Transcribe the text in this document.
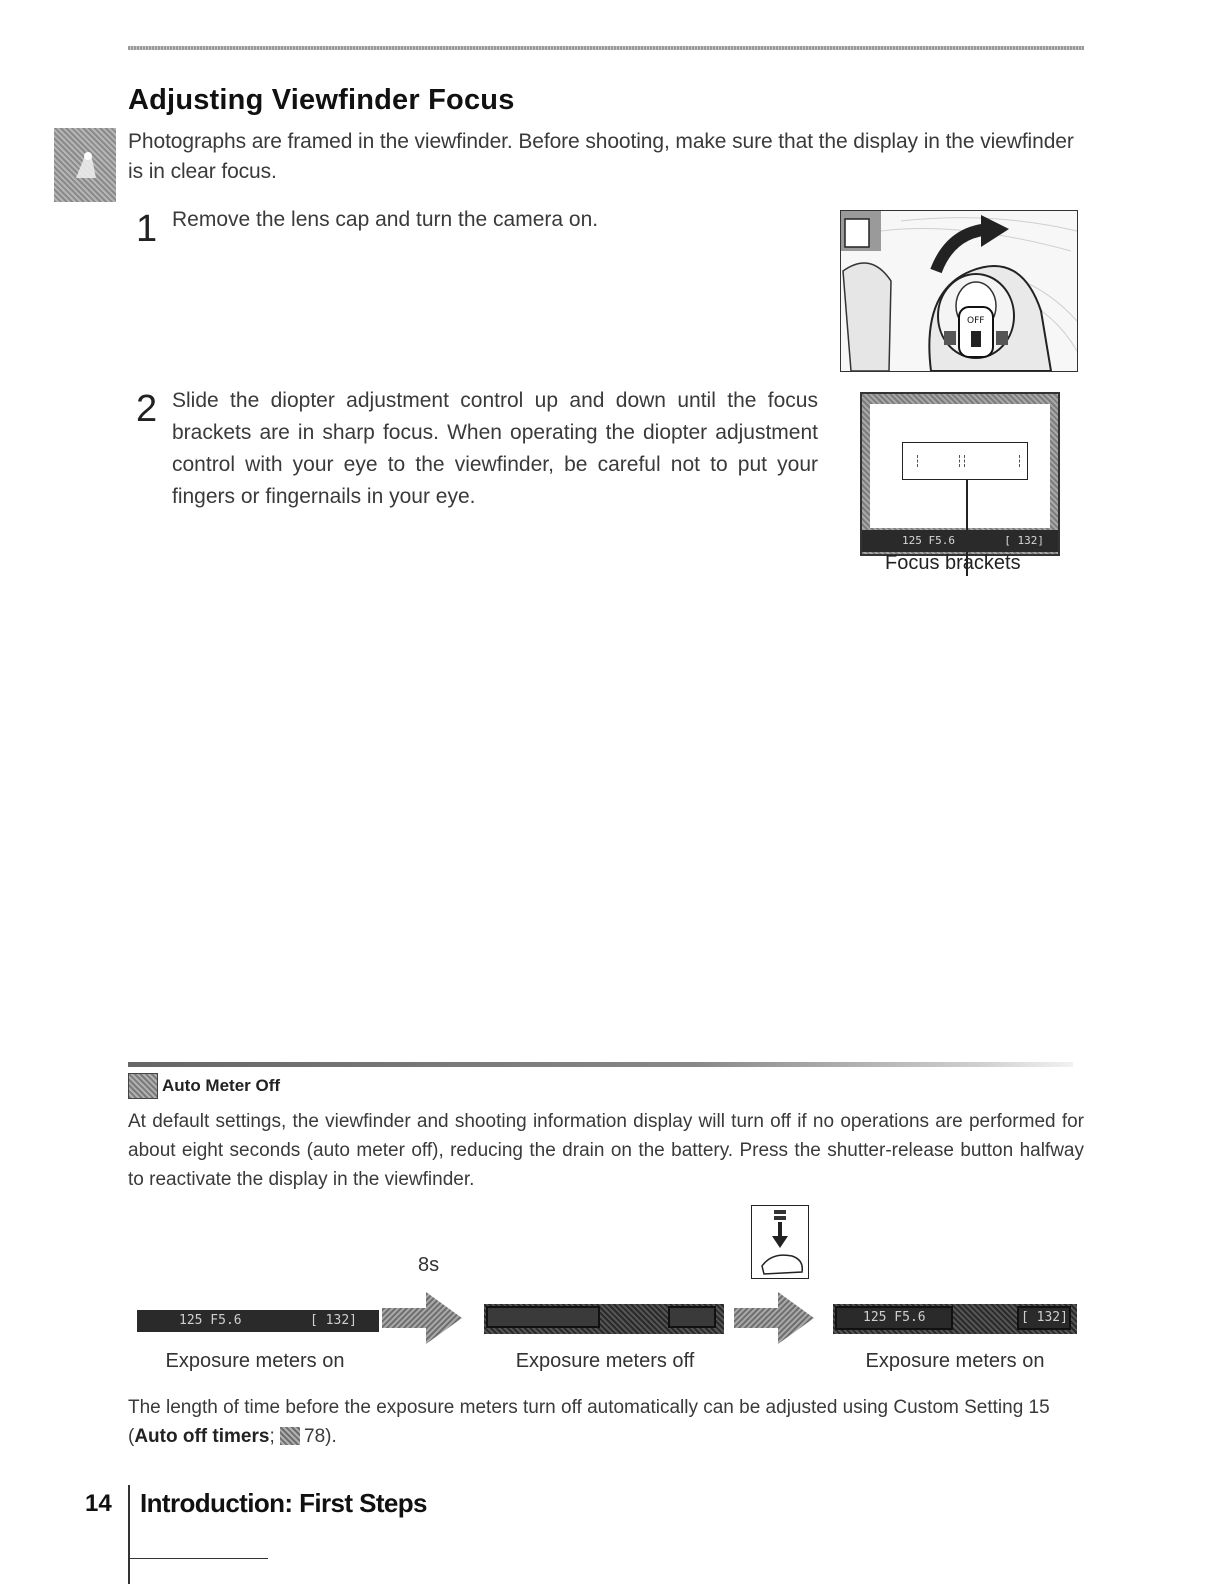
Adjusting Viewfinder Focus
Photographs are framed in the viewfinder. Before shooting, make sure that the display in the viewfinder is in clear focus.
1 Remove the lens cap and turn the camera on.
OFF
2 Slide the diopter adjustment control up and down until the focus brackets are in sharp focus. When operating the diopter adjustment control with your eye to the viewfinder, be careful not to put your fingers or fingernails in your eye.
125 F5.6	[ 132]
Focus brackets
Auto Meter Off
At default settings, the viewfinder and shooting information display will turn off if no operations are performed for about eight seconds (auto meter off), reducing the drain on the battery. Press the shutter-release button halfway to reactivate the display in the viewfinder.
8s
125 F5.6	[ 132]	125 F5.6	[ 132]
Exposure meters on	Exposure meters off	Exposure meters on
The length of time before the exposure meters turn off automatically can be adjusted using Custom Setting 15 (Auto off timers; 78).
14 Introduction: First Steps
